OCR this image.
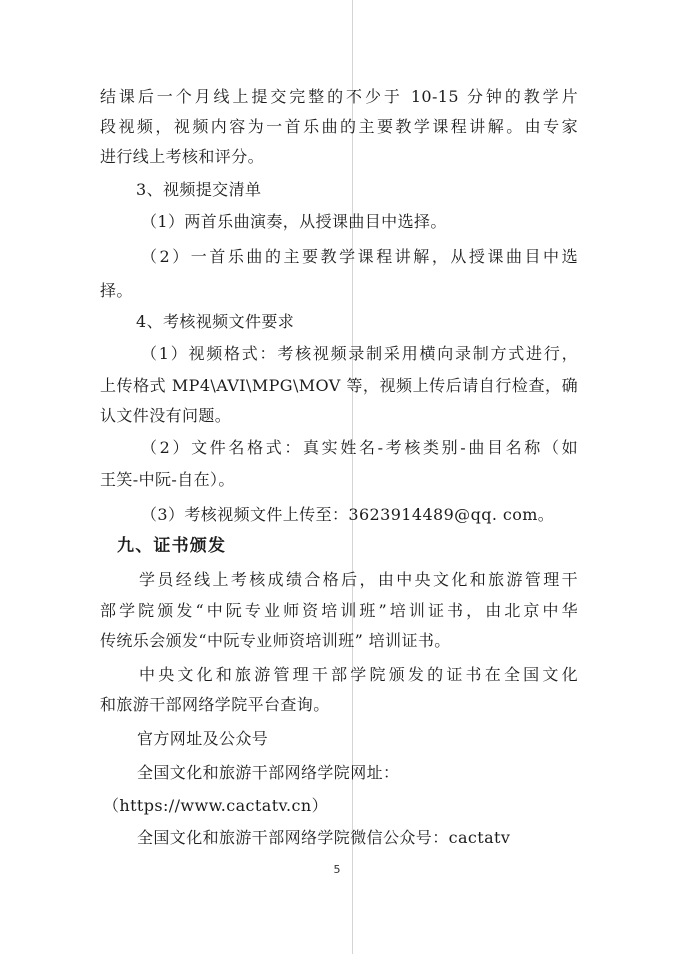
结课后一个月线上提交完整的不少于 10-15 分钟的教学片
段视频，视频内容为一首乐曲的主要教学课程讲解。由专家
进行线上考核和评分。
3、视频提交清单
（1）两首乐曲演奏，从授课曲目中选择。
（2）一首乐曲的主要教学课程讲解，从授课曲目中选
择。
4、考核视频文件要求
（1）视频格式：考核视频录制采用横向录制方式进行，
上传格式 MP4\AVI\MPG\MOV 等，视频上传后请自行检查，确
认文件没有问题。
（2）文件名格式：真实姓名-考核类别-曲目名称（如
王笑-中阮-自在）。
（3）考核视频文件上传至：3623914489@qq. com。
九、证书颁发
学员经线上考核成绩合格后，由中央文化和旅游管理干
部学院颁发“中阮专业师资培训班”培训证书，由北京中华
传统乐会颁发“中阮专业师资培训班” 培训证书。
中央文化和旅游管理干部学院颁发的证书在全国文化
和旅游干部网络学院平台查询。
官方网址及公众号
全国文化和旅游干部网络学院网址：
（https://www.cactatv.cn）
全国文化和旅游干部网络学院微信公众号：cactatv
5
